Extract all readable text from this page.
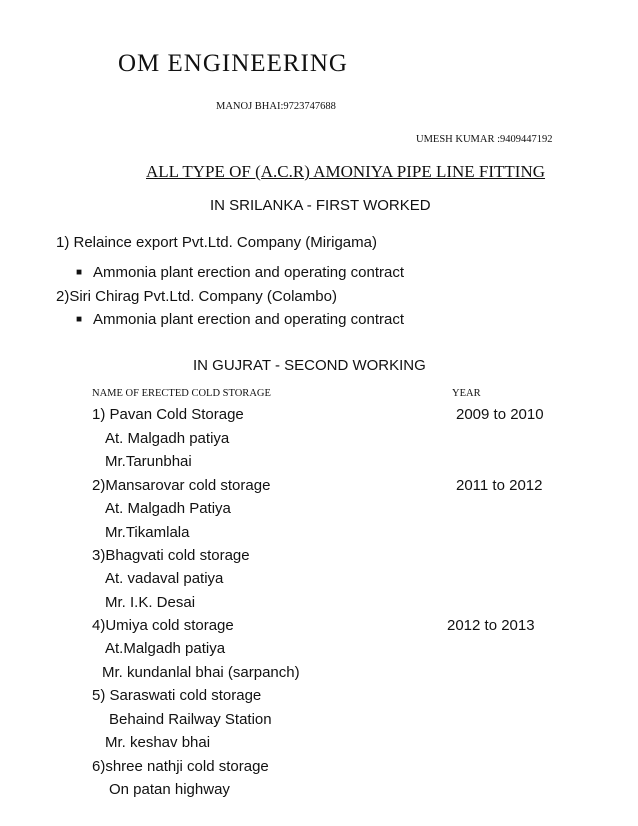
OM ENGINEERING
MANOJ BHAI:9723747688
UMESH KUMAR :9409447192
ALL TYPE OF (A.C.R) AMONIYA PIPE LINE FITTING
IN SRILANKA - FIRST WORKED
1) Relaince export Pvt.Ltd. Company (Mirigama)
■ Ammonia plant erection and operating contract
2)Siri Chirag Pvt.Ltd. Company (Colambo)
■ Ammonia plant erection and operating contract
IN GUJRAT - SECOND WORKING
NAME OF ERECTED COLD STORAGE	YEAR
1) Pavan Cold Storage	2009 to 2010
At. Malgadh patiya
Mr.Tarunbhai
2)Mansarovar cold storage	2011 to 2012
At. Malgadh Patiya
Mr.Tikamlala
3)Bhagvati cold storage
At. vadaval patiya
Mr. I.K. Desai
4)Umiya cold storage	2012 to 2013
At.Malgadh patiya
Mr. kundanlal bhai (sarpanch)
5) Saraswati cold storage
Behaind Railway Station
Mr. keshav bhai
6)shree nathji cold storage
On patan highway
